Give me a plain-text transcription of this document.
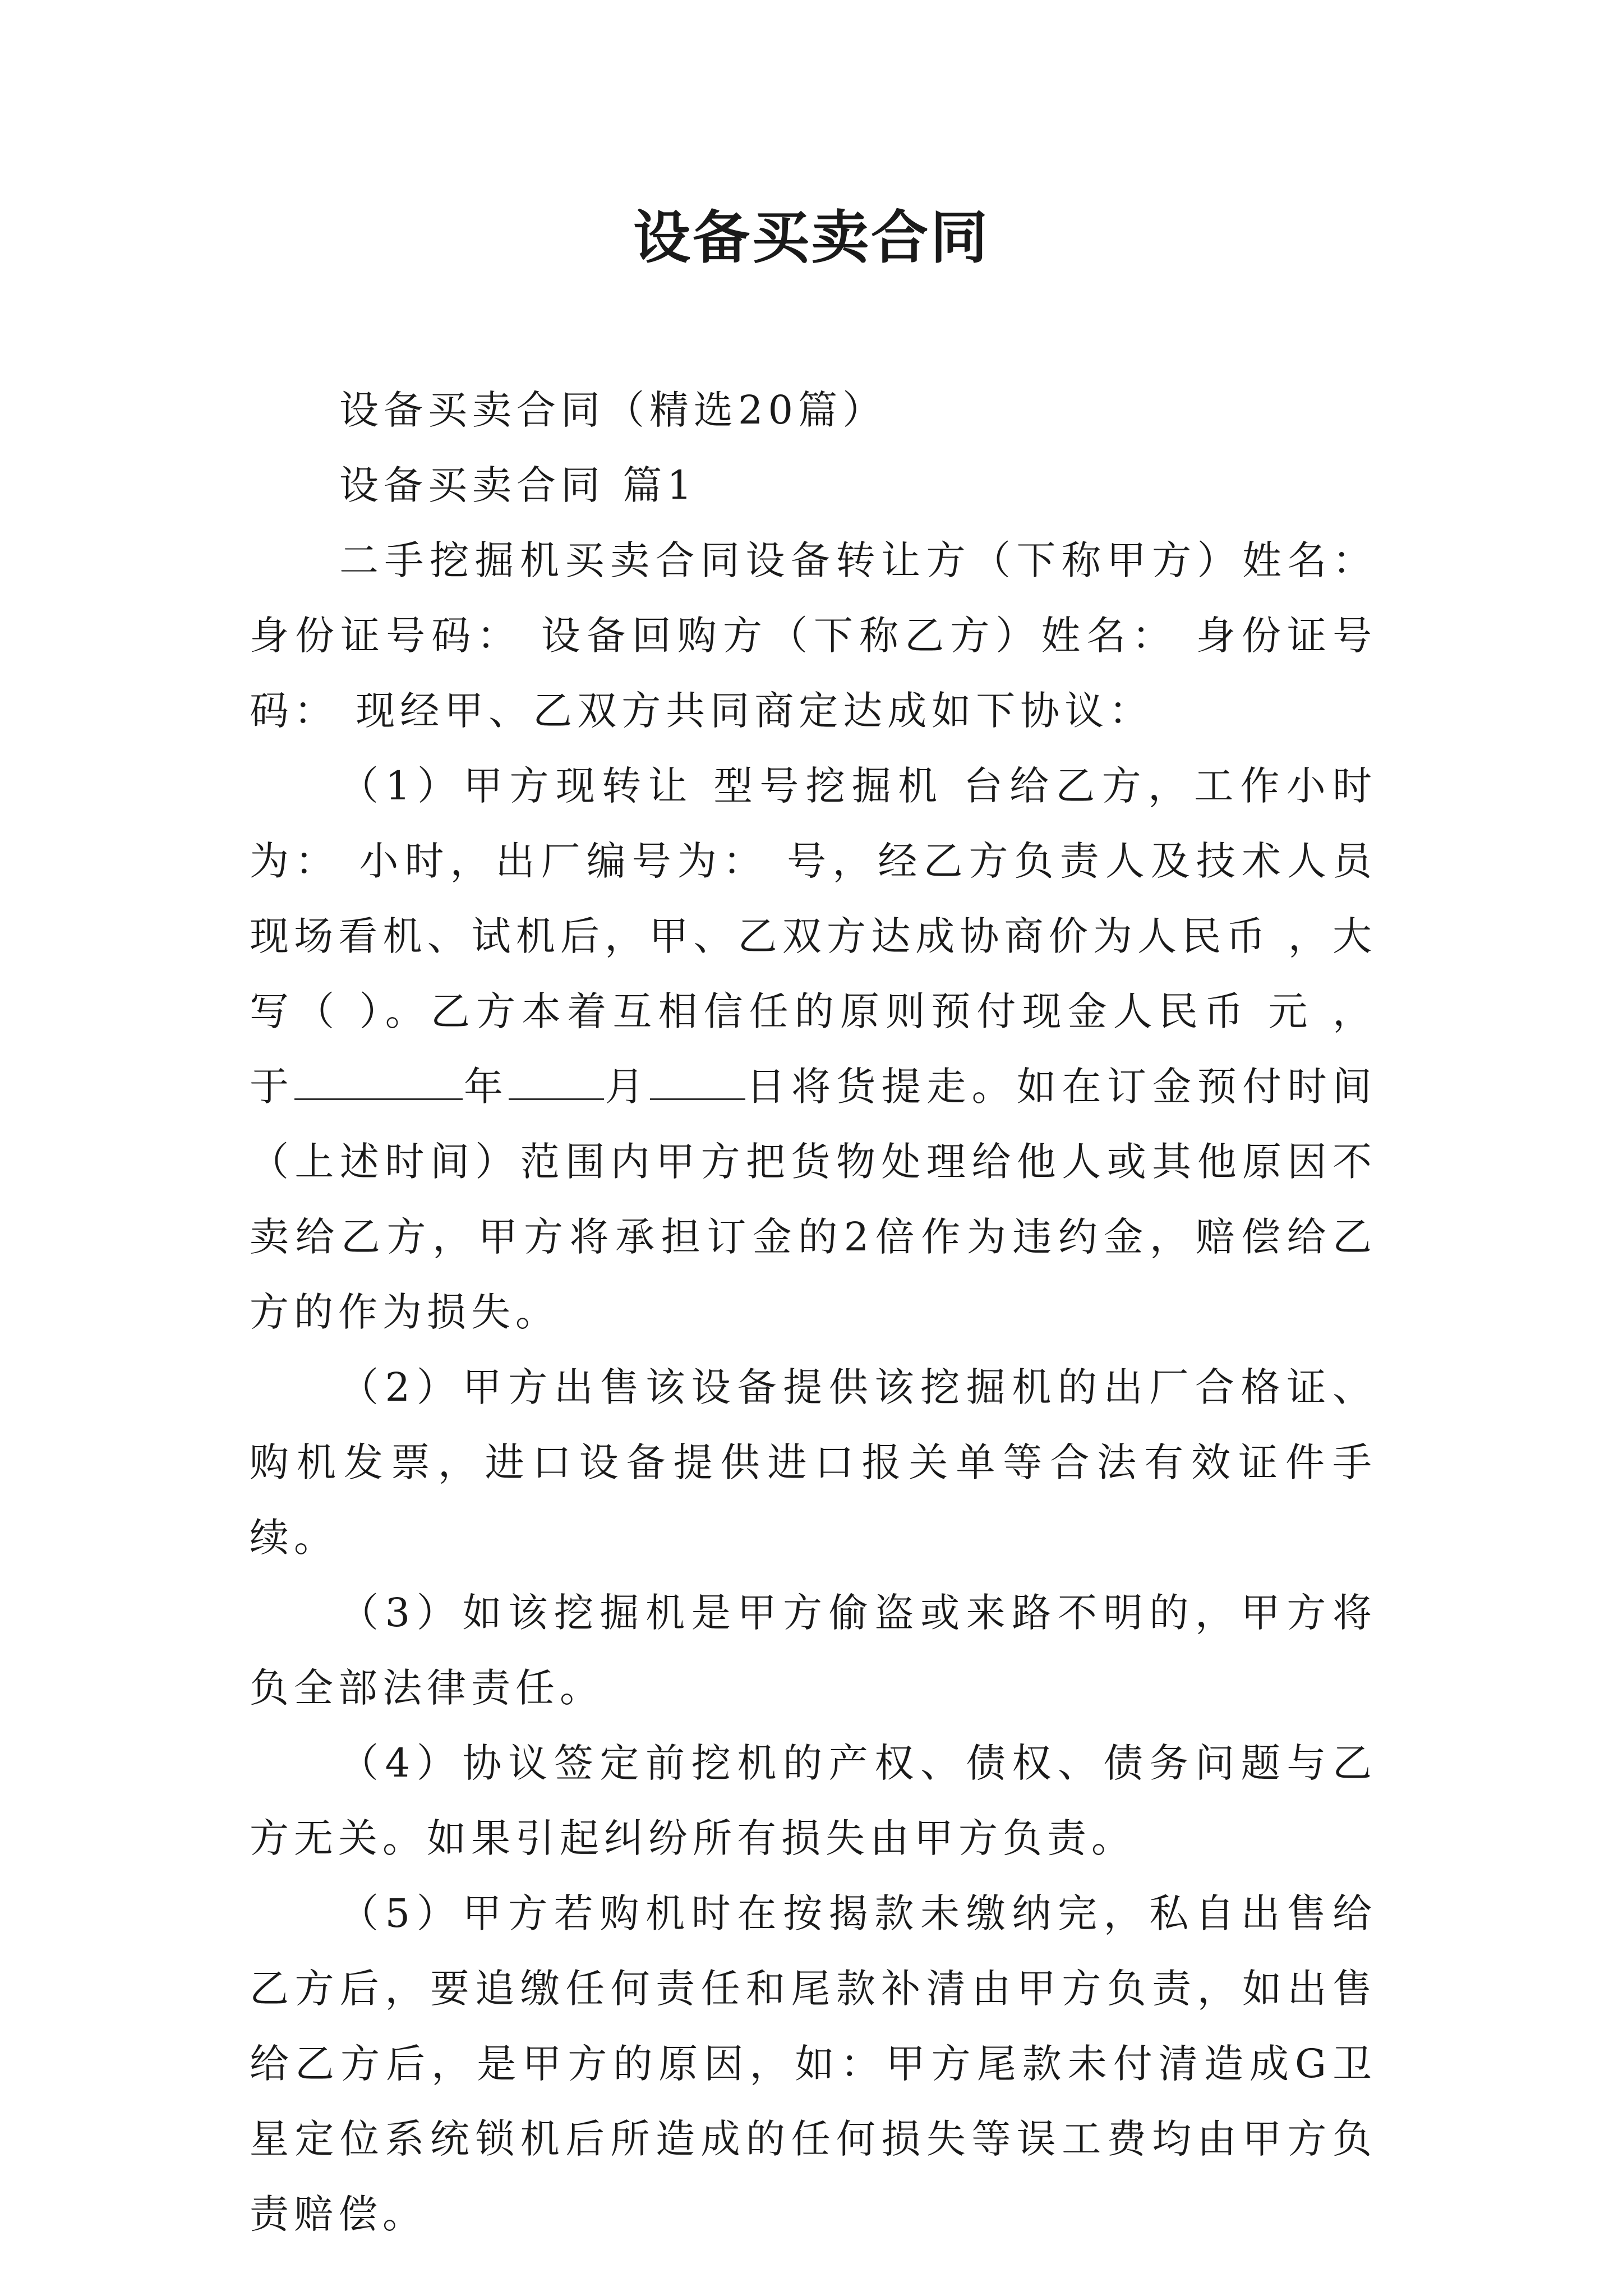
设备买卖合同

设备买卖合同（精选20篇）

设备买卖合同 篇1

二手挖掘机买卖合同设备转让方（下称甲方）姓名： 身份证号码： 设备回购方（下称乙方）姓名： 身份证号码： 现经甲、乙双方共同商定达成如下协议：

（1）甲方现转让 型号挖掘机 台给乙方，工作小时为： 小时，出厂编号为： 号，经乙方负责人及技术人员现场看机、试机后，甲、乙双方达成协商价为人民币 ，大写（ ）。乙方本着互相信任的原则预付现金人民币 元 ，于	年 月 日将货提走。如在订金预付时间（上述时间）范围内甲方把货物处理给他人或其他原因不卖给乙方，甲方将承担订金的2倍作为违约金，赔偿给乙方的作为损失。

（2）甲方出售该设备提供该挖掘机的出厂合格证、购机发票，进口设备提供进口报关单等合法有效证件手续。

（3）如该挖掘机是甲方偷盗或来路不明的，甲方将负全部法律责任。

（4）协议签定前挖机的产权、债权、债务问题与乙方无关。如果引起纠纷所有损失由甲方负责。

（5）甲方若购机时在按揭款未缴纳完，私自出售给乙方后，要追缴任何责任和尾款补清由甲方负责，如出售给乙方后，是甲方的原因，如：甲方尾款未付清造成G卫星定位系统锁机后所造成的任何损失等误工费均由甲方负责赔偿。
